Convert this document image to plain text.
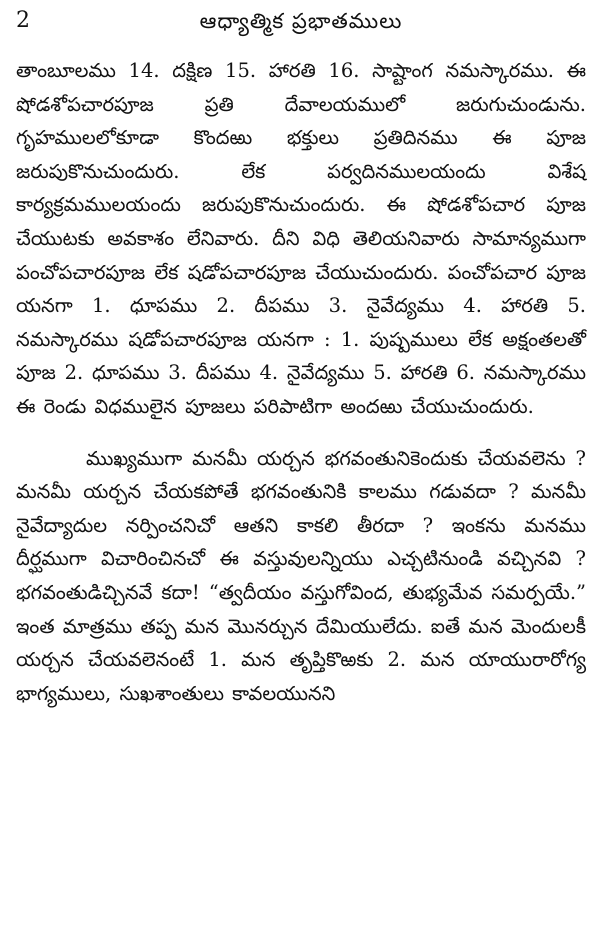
2	ఆధ్యాత్మిక ప్రభాతములు

తాంబూలము 14. దక్షిణ 15. హారతి 16. సాష్టాంగ నమస్కారము. ఈ షోడశోపచారపూజ ప్రతి దేవాలయములో జరుగుచుండును. గృహములలోకూడా కొందఱు భక్తులు ప్రతిదినము ఈ పూజ జరుపుకొనుచుందురు. లేక పర్వదినములయందు విశేష కార్యక్రమములయందు జరుపుకొనుచుందురు. ఈ షోడశోపచార పూజ చేయుటకు అవకాశం లేనివారు. దీని విధి తెలియనివారు సామాన్యముగా పంచోపచారపూజ లేక షడోపచారపూజ చేయుచుందురు. పంచోపచార పూజ యనగా 1. ధూపము 2. దీపము 3. నైవేద్యము 4. హారతి 5. నమస్కారము షడోపచారపూజ యనగా : 1. పుష్పములు లేక అక్షంతలతో పూజ 2. ధూపము 3. దీపము 4. నైవేద్యము 5. హారతి 6. నమస్కారము ఈ రెండు విధములైన పూజలు పరిపాటిగా అందఱు చేయుచుందురు.

ముఖ్యముగా మనమీ యర్చన భగవంతునికెందుకు చేయవలెను ? మనమీ యర్చన చేయకపోతే భగవంతునికి కాలము గడువదా ? మనమీ నైవేద్యాదుల నర్పించనిచో ఆతని కాకలి తీరదా ? ఇంకను మనము దీర్ఘముగా విచారించినచో ఈ వస్తువులన్నియు ఎచ్చటినుండి వచ్చినవి ? భగవంతుడిచ్చినవే కదా! “త్వదీయం వస్తుగోవింద, తుభ్యమేవ సమర్పయే.” ఇంత మాత్రము తప్ప మన మొనర్చున దేమియులేదు. ఐతే మన మెందులకీ యర్చన చేయవలెనంటే 1. మన తృప్తికొఱకు 2. మన యాయురారోగ్య భాగ్యములు, సుఖశాంతులు కావలయునని
